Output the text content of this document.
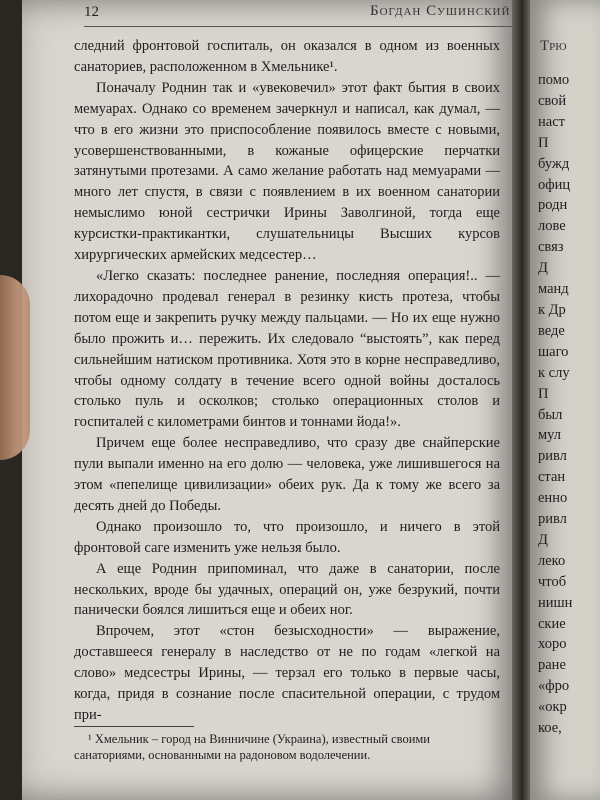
12	Богдан Сушинский

следний фронтовой госпиталь, он оказался в одном из военных санаториев, расположенном в Хмельнике¹.

Поначалу Роднин так и «увековечил» этот факт бытия в своих мемуарах. Однако со временем зачеркнул и написал, как думал, — что в его жизни это приспособление появилось вместе с новыми, усовершенствованными, в кожаные офицерские перчатки затянутыми протезами. А само желание работать над мемуарами — много лет спустя, в связи с появлением в их военном санатории немыслимо юной сестрички Ирины Заволгиной, тогда еще курсистки-практикантки, слушательницы Высших курсов хирургических армейских медсестер…

«Легко сказать: последнее ранение, последняя операция!.. — лихорадочно продевал генерал в резинку кисть протеза, чтобы потом еще и закрепить ручку между пальцами. — Но их еще нужно было прожить и… пережить. Их следовало “выстоять”, как перед сильнейшим натиском противника. Хотя это в корне несправедливо, чтобы одному солдату в течение всего одной войны досталось столько пуль и осколков; столько операционных столов и госпиталей с километрами бинтов и тоннами йода!».

Причем еще более несправедливо, что сразу две снайперские пули выпали именно на его долю — человека, уже лишившегося на этом «пепелище цивилизации» обеих рук. Да к тому же всего за десять дней до Победы.

Однако произошло то, что произошло, и ничего в этой фронтовой саге изменить уже нельзя было.

А еще Роднин припоминал, что даже в санатории, после нескольких, вроде бы удачных, операций он, уже безрукий, почти панически боялся лишиться еще и обеих ног.

Впрочем, этот «стон безысходности» — выражение, доставшееся генералу в наследство от не по годам «легкой на слово» медсестры Ирины, — терзал его только в первые часы, когда, придя в сознание после спасительной операции, с трудом при-

¹ Хмельник – город на Винничине (Украина), известный своими санаториями, основанными на радоновом водолечении.
Трю
помо
свой
наст
П
бужд
офиц
родн
лове
связ
Д
манд
к Др
веде
шаго
к слу
П
был
мул
ривл
стан
енно
ривл
Д
леко
чтоб
нишн
ские
хоро
ране
«фро
«окр
кое,
